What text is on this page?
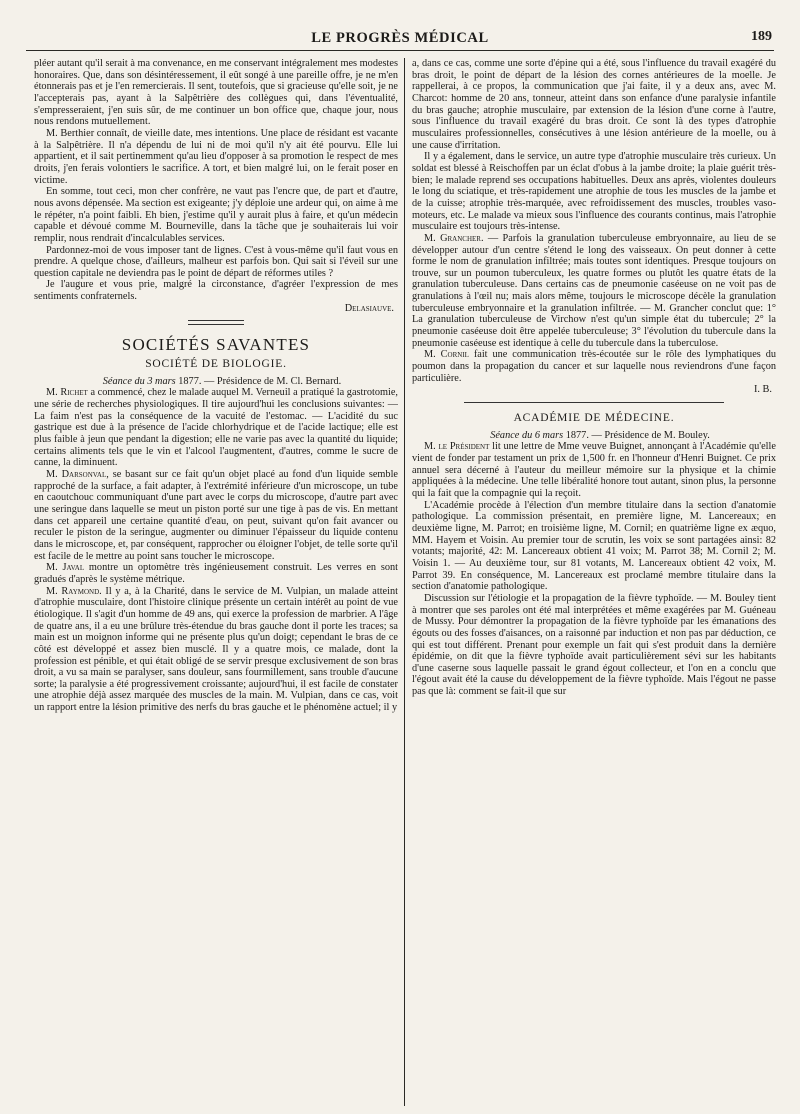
LE PROGRÈS MÉDICAL	189

pléer autant qu'il serait à ma convenance, en me conservant intégralement mes modestes honoraires. Que, dans son désintéressement, il eût songé à une pareille offre, je ne m'en étonnerais pas et je l'en remercierais. Il sent, toutefois, que si gracieuse qu'elle soit, je ne l'accepterais pas, ayant à la Salpêtrière des collègues qui, dans l'éventualité, s'empresseraient, j'en suis sûr, de me continuer un bon office que, chaque jour, nous nous rendons mutuellement.

M. Berthier connaît, de vieille date, mes intentions. Une place de résidant est vacante à la Salpêtrière. Il n'a dépendu de lui ni de moi qu'il n'y ait été pourvu. Elle lui appartient, et il sait pertinemment qu'au lieu d'opposer à sa promotion le respect de mes droits, j'en ferais volontiers le sacrifice. A tort, et bien malgré lui, on le ferait poser en victime.

En somme, tout ceci, mon cher confrère, ne vaut pas l'encre que, de part et d'autre, nous avons dépensée. Ma section est exigeante; j'y déploie une ardeur qui, on aime à me le répéter, n'a point faibli. Eh bien, j'estime qu'il y aurait plus à faire, et qu'un médecin capable et dévoué comme M. Bourneville, dans la tâche que je souhaiterais lui voir remplir, nous rendrait d'incalculables services.

Pardonnez-moi de vous imposer tant de lignes. C'est à vous-même qu'il faut vous en prendre. A quelque chose, d'ailleurs, malheur est parfois bon. Qui sait si l'éveil sur une question capitale ne deviendra pas le point de départ de réformes utiles ?

Je l'augure et vous prie, malgré la circonstance, d'agréer l'expression de mes sentiments confraternels.

Delasiauve.
SOCIÉTÉS SAVANTES
SOCIÉTÉ DE BIOLOGIE.

Séance du 3 mars 1877. — Présidence de M. Cl. Bernard.

M. Richet a commencé, chez le malade auquel M. Verneuil a pratiqué la gastrotomie, une série de recherches physiologiques. Il tire aujourd'hui les conclusions suivantes: — La faim n'est pas la conséquence de la vacuité de l'estomac. — L'acidité du suc gastrique est due à la présence de l'acide chlorhydrique et de l'acide lactique; elle est plus faible à jeun que pendant la digestion; elle ne varie pas avec la quantité du liquide; certains aliments tels que le vin et l'alcool l'augmentent, d'autres, comme le sucre de canne, la diminuent.

M. Darsonval, se basant sur ce fait qu'un objet placé au fond d'un liquide semble rapproché de la surface, a fait adapter, à l'extrémité inférieure d'un microscope, un tube en caoutchouc communiquant d'une part avec le corps du microscope, d'autre part avec une seringue dans laquelle se meut un piston porté sur une tige à pas de vis. En mettant dans cet appareil une certaine quantité d'eau, on peut, suivant qu'on fait avancer ou reculer le piston de la seringue, augmenter ou diminuer l'épaisseur du liquide contenu dans le microscope, et, par conséquent, rapprocher ou éloigner l'objet, de telle sorte qu'il est facile de le mettre au point sans toucher le microscope.

M. Javal montre un optomètre très ingénieusement construit. Les verres en sont gradués d'après le système métrique.

M. Raymond. Il y a, à la Charité, dans le service de M. Vulpian, un malade atteint d'atrophie musculaire, dont l'histoire clinique présente un certain intérêt au point de vue étiologique. Il s'agit d'un homme de 49 ans, qui exerce la profession de marbrier. A l'âge de quatre ans, il a eu une brûlure très-étendue du bras gauche dont il porte les traces; sa main est un moignon informe qui ne présente plus qu'un doigt; cependant le bras de ce côté est développé et assez bien musclé. Il y a quatre mois, ce malade, dont la profession est pénible, et qui était obligé de se servir presque exclusivement de son bras droit, a vu sa main se paralyser, sans douleur, sans fourmillement, sans trouble d'aucune sorte; la paralysie a été progressivement croissante; aujourd'hui, il est facile de constater une atrophie déjà assez marquée des muscles de la main. M. Vulpian, dans ce cas, voit un rapport entre la lésion primitive des nerfs du bras gauche et le phénomène actuel; il y

a, dans ce cas, comme une sorte d'épine qui a été, sous l'influence du travail exagéré du bras droit, le point de départ de la lésion des cornes antérieures de la moelle. Je rappellerai, à ce propos, la communication que j'ai faite, il y a deux ans, avec M. Charcot: homme de 20 ans, tonneur, atteint dans son enfance d'une paralysie infantile du bras gauche; atrophie musculaire, par extension de la lésion d'une corne à l'autre, sous l'influence du travail exagéré du bras droit. Ce sont là des types d'atrophie musculaires professionnelles, consécutives à une lésion antérieure de la moelle, ou à une cause d'irritation.

Il y a également, dans le service, un autre type d'atrophie musculaire très curieux. Un soldat est blessé à Reischoffen par un éclat d'obus à la jambe droite; la plaie guérit très-bien; le malade reprend ses occupations habituelles. Deux ans après, violentes douleurs le long du sciatique, et très-rapidement une atrophie de tous les muscles de la jambe et de la cuisse; atrophie très-marquée, avec refroidissement des muscles, troubles vaso-moteurs, etc. Le malade va mieux sous l'influence des courants continus, mais l'atrophie musculaire est toujours très-intense.

M. Grancher. — Parfois la granulation tuberculeuse embryonnaire, au lieu de se développer autour d'un centre s'étend le long des vaisseaux. On peut donner à cette forme le nom de granulation infiltrée; mais toutes sont identiques. Presque toujours on trouve, sur un poumon tuberculeux, les quatre formes ou plutôt les quatre états de la granulation tuberculeuse. Dans certains cas de pneumonie caséeuse on ne voit pas de granulations à l'œil nu; mais alors même, toujours le microscope décèle la granulation tuberculeuse embryonnaire et la granulation infiltrée. — M. Grancher conclut que: 1° La granulation tuberculeuse de Virchow n'est qu'un simple état du tubercule; 2° la pneumonie caséeuse doit être appelée tuberculeuse; 3° l'évolution du tubercule dans la pneumonie caséeuse est identique à celle du tubercule dans la tuberculose.

M. Cornil fait une communication très-écoutée sur le rôle des lymphatiques du poumon dans la propagation du cancer et sur laquelle nous reviendrons d'une façon particulière.

I. B.
ACADÉMIE DE MÉDECINE.

Séance du 6 mars 1877. — Présidence de M. Bouley.

M. le Président lit une lettre de Mme veuve Buignet, annonçant à l'Académie qu'elle vient de fonder par testament un prix de 1,500 fr. en l'honneur d'Henri Buignet. Ce prix annuel sera décerné à l'auteur du meilleur mémoire sur la physique et la chimie appliquées à la médecine. Une telle libéralité honore tout autant, sinon plus, la personne qui la fait que la compagnie qui la reçoit.

L'Académie procède à l'élection d'un membre titulaire dans la section d'anatomie pathologique. La commission présentait, en première ligne, M. Lancereaux; en deuxième ligne, M. Parrot; en troisième ligne, M. Cornil; en quatrième ligne ex æquo, MM. Hayem et Voisin. Au premier tour de scrutin, les voix se sont partagées ainsi: 82 votants; majorité, 42: M. Lancereaux obtient 41 voix; M. Parrot 38; M. Cornil 2; M. Voisin 1. — Au deuxième tour, sur 81 votants, M. Lancereaux obtient 42 voix, M. Parrot 39. En conséquence, M. Lancereaux est proclamé membre titulaire dans la section d'anatomie pathologique.

Discussion sur l'étiologie et la propagation de la fièvre typhoïde. — M. Bouley tient à montrer que ses paroles ont été mal interprétées et même exagérées par M. Guéneau de Mussy. Pour démontrer la propagation de la fièvre typhoïde par les émanations des égouts ou des fosses d'aisances, on a raisonné par induction et non pas par déduction, ce qui est tout différent. Prenant pour exemple un fait qui s'est produit dans la dernière épidémie, on dit que la fièvre typhoïde avait particulièrement sévi sur les habitants d'une caserne sous laquelle passait le grand égout collecteur, et l'on en a conclu que l'égout avait été la cause du développement de la fièvre typhoïde. Mais l'égout ne passe pas que là: comment se fait-il que sur
